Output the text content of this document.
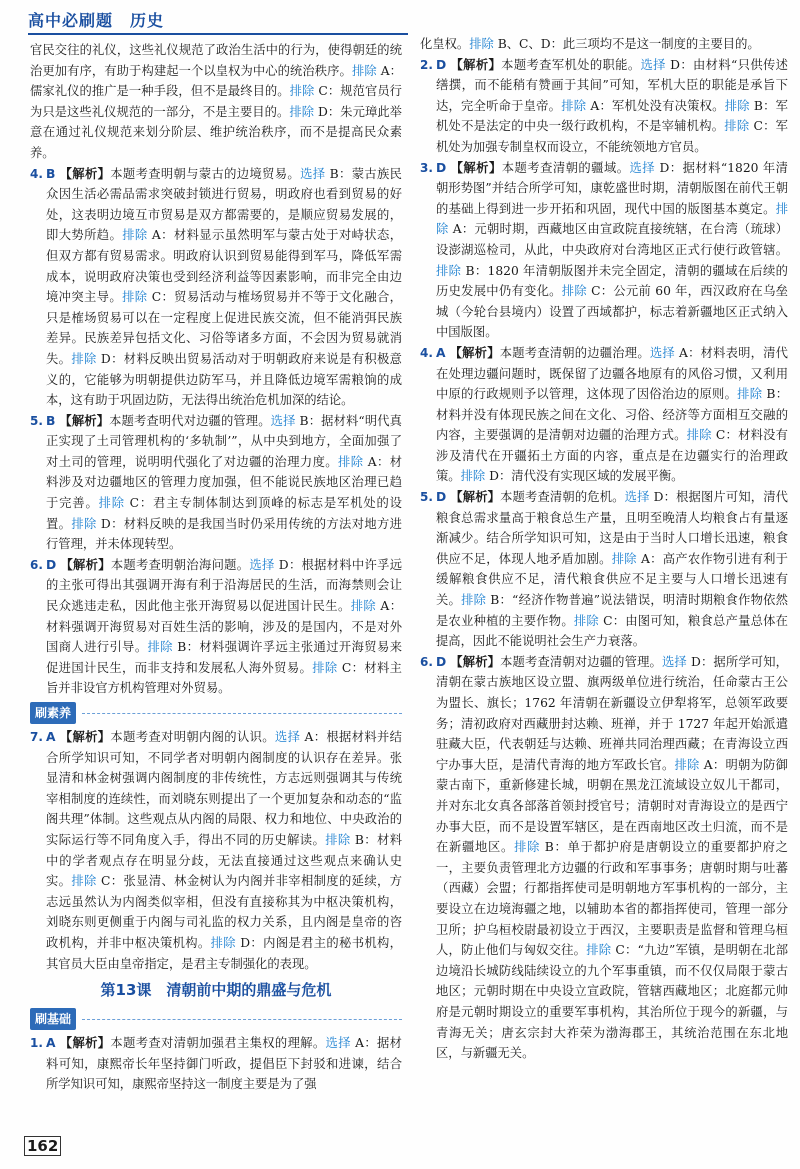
高中必刷题　历史
官民交往的礼仪，这些礼仪规范了政治生活中的行为，使得朝廷的统治更加有序，有助于构建起一个以皇权为中心的统治秩序。排除 A：儒家礼仪的推广是一种手段，但不是最终目的。排除 C：规范官员行为只是这些礼仪规范的一部分，不是主要目的。排除 D：朱元璋此举意在通过礼仪规范来划分阶层、维护统治秩序，而不是提高民众素养。
4. B 【解析】本题考查明朝与蒙古的边境贸易。选择 B：蒙古族民众因生活必需品需求突破封锁进行贸易，明政府也看到贸易的好处，这表明边境互市贸易是双方都需要的，是顺应贸易发展的，即大势所趋。排除 A：材料显示虽然明军与蒙古处于对峙状态，但双方都有贸易需求。明政府认识到贸易能得到军马，降低军需成本，说明政府决策也受到经济利益等因素影响，而非完全由边境冲突主导。排除 C：贸易活动与榷场贸易并不等于文化融合，只是榷场贸易可以在一定程度上促进民族交流，但不能消弭民族差异。民族差异包括文化、习俗等诸多方面，不会因为贸易就消失。排除 D：材料反映出贸易活动对于明朝政府来说是有积极意义的，它能够为明朝提供边防军马，并且降低边境军需粮饷的成本，这有助于巩固边防，无法得出统治危机加深的结论。
5. B 【解析】本题考查明代对边疆的管理。选择 B：据材料“明代真正实现了土司管理机构的‘多轨制’”，从中央到地方，全面加强了对土司的管理，说明明代强化了对边疆的治理力度。排除 A：材料涉及对边疆地区的管理力度加强，但不能说民族地区治理已趋于完善。排除 C：君主专制体制达到顶峰的标志是军机处的设置。排除 D：材料反映的是我国当时仍采用传统的方法对地方进行管理，并未体现转型。
6. D 【解析】本题考查明朝治海问题。选择 D：根据材料中许孚远的主张可得出其强调开海有利于沿海居民的生活，而海禁则会让民众逃违走私，因此他主张开海贸易以促进国计民生。排除 A：材料强调开海贸易对百姓生活的影响，涉及的是国内，不是对外国商人进行引导。排除 B：材料强调许孚远主张通过开海贸易来促进国计民生，而非支持和发展私人海外贸易。排除 C：材料主旨并非设官方机构管理对外贸易。
刷素养
7. A 【解析】本题考查对明朝内阁的认识。选择 A：根据材料并结合所学知识可知，不同学者对明朝内阁制度的认识存在差异。张显清和林金树强调内阁制度的非传统性，方志远则强调其与传统宰相制度的连续性，而刘晓东则提出了一个更加复杂和动态的“监阁共理”体制。这些观点从内阁的局限、权力和地位、中央政治的实际运行等不同角度入手，得出不同的历史解读。排除 B：材料中的学者观点存在明显分歧，无法直接通过这些观点来确认史实。排除 C：张显清、林金树认为内阁并非宰相制度的延续，方志远虽然认为内阁类似宰相，但没有直接称其为中枢决策机构，刘晓东则更侧重于内阁与司礼监的权力关系，且内阁是皇帝的咨政机构，并非中枢决策机构。排除 D：内阁是君主的秘书机构，其官员大臣由皇帝指定，是君主专制强化的表现。
第13课　清朝前中期的鼎盛与危机
刷基础
1. A 【解析】本题考查对清朝加强君主集权的理解。选择 A：据材料可知，康熙帝长年坚持御门听政，提倡臣下封驳和进谏，结合所学知识可知，康熙帝坚持这一制度主要是为了强
化皇权。排除 B、C、D：此三项均不是这一制度的主要目的。
2. D 【解析】本题考查军机处的职能。选择 D：由材料“只供传述缮撰，而不能稍有赞画于其间”可知，军机大臣的职能是承旨下达，完全听命于皇帝。排除 A：军机处没有决策权。排除 B：军机处不是法定的中央一级行政机构，不是宰辅机构。排除 C：军机处为加强专制皇权而设立，不能统领地方官员。
3. D 【解析】本题考查清朝的疆域。选择 D：据材料“1820 年清朝形势图”并结合所学可知，康乾盛世时期，清朝版图在前代王朝的基础上得到进一步开拓和巩固，现代中国的版图基本奠定。排除 A：元朝时期，西藏地区由宣政院直接统辖，在台湾（琉球）设澎湖巡检司，从此，中央政府对台湾地区正式行使行政管辖。排除 B：1820 年清朝版图并未完全固定，清朝的疆域在后续的历史发展中仍有变化。排除 C：公元前 60 年，西汉政府在乌垒城（今轮台县境内）设置了西域都护，标志着新疆地区正式纳入中国版图。
4. A 【解析】本题考查清朝的边疆治理。选择 A：材料表明，清代在处理边疆问题时，既保留了边疆各地原有的风俗习惯，又利用中原的行政规则予以管理，这体现了因俗治边的原则。排除 B：材料并没有体现民族之间在文化、习俗、经济等方面相互交融的内容，主要强调的是清朝对边疆的治理方式。排除 C：材料没有涉及清代在开疆拓土方面的内容，重点是在边疆实行的治理政策。排除 D：清代没有实现区域的发展平衡。
5. D 【解析】本题考查清朝的危机。选择 D：根据图片可知，清代粮食总需求量高于粮食总生产量，且明至晚清人均粮食占有量逐渐减少。结合所学知识可知，这是由于当时人口增长迅速，粮食供应不足，体现人地矛盾加剧。排除 A：高产农作物引进有利于缓解粮食供应不足，清代粮食供应不足主要与人口增长迅速有关。排除 B：“经济作物普遍”说法错误，明清时期粮食作物依然是农业种植的主要作物。排除 C：由图可知，粮食总产量总体在提高，因此不能说明社会生产力衰落。
6. D 【解析】本题考查清朝对边疆的管理。选择 D：据所学可知，清朝在蒙古族地区设立盟、旗两级单位进行统治，任命蒙古王公为盟长、旗长；1762 年清朝在新疆设立伊犁将军，总领军政要务；清初政府对西藏册封达赖、班禅，并于 1727 年起开始派遣驻藏大臣，代表朝廷与达赖、班禅共同治理西藏；在青海设立西宁办事大臣，是清代青海的地方军政长官。排除 A：明朝为防御蒙古南下，重新修建长城，明朝在黑龙江流域设立奴儿干都司，并对东北女真各部落首领封授官号；清朝时对青海设立的是西宁办事大臣，而不是设置军辖区，是在西南地区改土归流，而不是在新疆地区。排除 B：单于都护府是唐朝设立的重要都护府之一，主要负责管理北方边疆的行政和军事事务；唐朝时期与吐蕃（西藏）会盟；行都指挥使司是明朝地方军事机构的一部分，主要设立在边境海疆之地，以辅助本省的都指挥使司，管理一部分卫所；护乌桓校尉最初设立于西汉，主要职责是监督和管理乌桓人，防止他们与匈奴交往。排除 C：“九边”军镇，是明朝在北部边境沿长城防线陆续设立的九个军事重镇，而不仅仅局限于蒙古地区；元朝时期在中央设立宣政院，管辖西藏地区；北庭都元帅府是元朝时期设立的重要军事机构，其治所位于现今的新疆，与青海无关；唐玄宗封大祚荣为渤海郡王，其统治范围在东北地区，与新疆无关。
162
